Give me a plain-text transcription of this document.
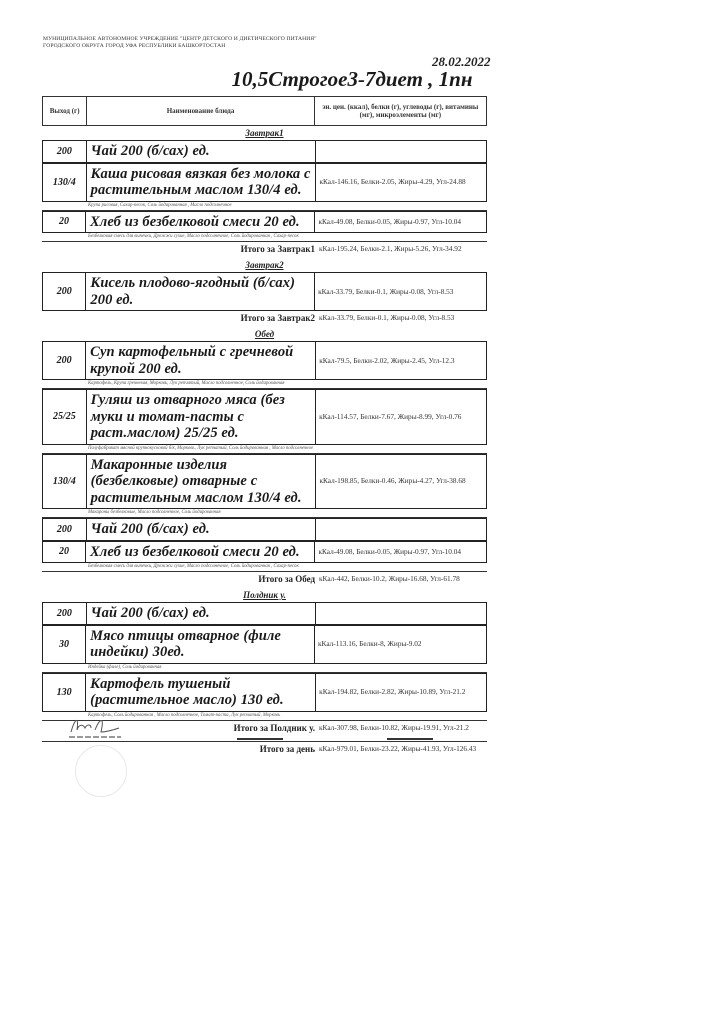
МУНИЦИПАЛЬНОЕ АВТОНОМНОЕ УЧРЕЖДЕНИЕ "ЦЕНТР ДЕТСКОГО И ДИЕТИЧЕСКОГО ПИТАНИЯ" ГОРОДСКОГО ОКРУГА ГОРОД УФА РЕСПУБЛИКИ БАШКОРТОСТАН
28.02.2022
10,5Строгое3-7диет , 1пн
Выход (г)	Наименование блюда	эн. цен. (ккал), белки (г), углеводы (г), витамины (мг), микроэлементы (мг)
Завтрак1
200	Чай 200 (б/сах) ед.	
130/4	Каша рисовая вязкая без молока с растительным маслом 130/4 ед.	кКал-146.16, Белки-2.05, Жиры-4.29, Угл-24.88
Крупа рисовая, Сахар-песок, Соль йодированная , Масло подсолнечное
20	Хлеб из безбелковой смеси 20 ед.	кКал-49.08, Белки-0.05, Жиры-0.97, Угл-10.04
Безбелковая смесь для выпечки, Дрожжи сухие, Масло подсолнечное, Соль йодированная , Сахар-песок
Итого за Завтрак1 кКал-195.24, Белки-2.1, Жиры-5.26, Угл-34.92
Завтрак2
200	Кисель плодово-ягодный (б/сах) 200 ед.	кКал-33.79, Белки-0.1, Жиры-0.08, Угл-8.53
Итого за Завтрак2 кКал-33.79, Белки-0.1, Жиры-0.08, Угл-8.53
Обед
200	Суп картофельный с гречневой крупой 200 ед.	кКал-79.5, Белки-2.02, Жиры-2.45, Угл-12.3
Картофель, Крупа гречневая, Морковь, Лук репчатый, Масло подсолнечное, Соль йодированная
25/25	Гуляш из отварного мяса (без муки и томат-пасты с раст.маслом) 25/25 ед.	кКал-114.57, Белки-7.67, Жиры-8.99, Угл-0.76
Полуфабрикат мясной крупнокусковой б/к, Морковь, Лук репчатый, Соль йодированная , Масло подсолнечное
130/4	Макаронные изделия (безбелковые) отварные с растительным маслом 130/4 ед.	кКал-198.85, Белки-0.46, Жиры-4.27, Угл-38.68
Макароны безбелковые, Масло подсолнечное, Соль йодированная
200	Чай 200 (б/сах) ед.	
20	Хлеб из безбелковой смеси 20 ед.	кКал-49.08, Белки-0.05, Жиры-0.97, Угл-10.04
Безбелковая смесь для выпечки, Дрожжи сухие, Масло подсолнечное, Соль йодированная , Сахар-песок
Итого за Обед кКал-442, Белки-10.2, Жиры-16.68, Угл-61.78
Полдник у.
200	Чай 200 (б/сах) ед.	
30	Мясо птицы отварное (филе индейки) 30ед.	кКал-113.16, Белки-8, Жиры-9.02
Индейка (филе), Соль йодированная
130	Картофель тушеный (растительное масло) 130 ед.	кКал-194.82, Белки-2.82, Жиры-10.89, Угл-21.2
Картофель, Соль йодированная , Масло подсолнечное, Томат-паста, Лук репчатый, Морковь
Итого за Полдник у. кКал-307.98, Белки-10.82, Жиры-19.91, Угл-21.2
Итого за день кКал-979.01, Белки-23.22, Жиры-41.93, Угл-126.43
